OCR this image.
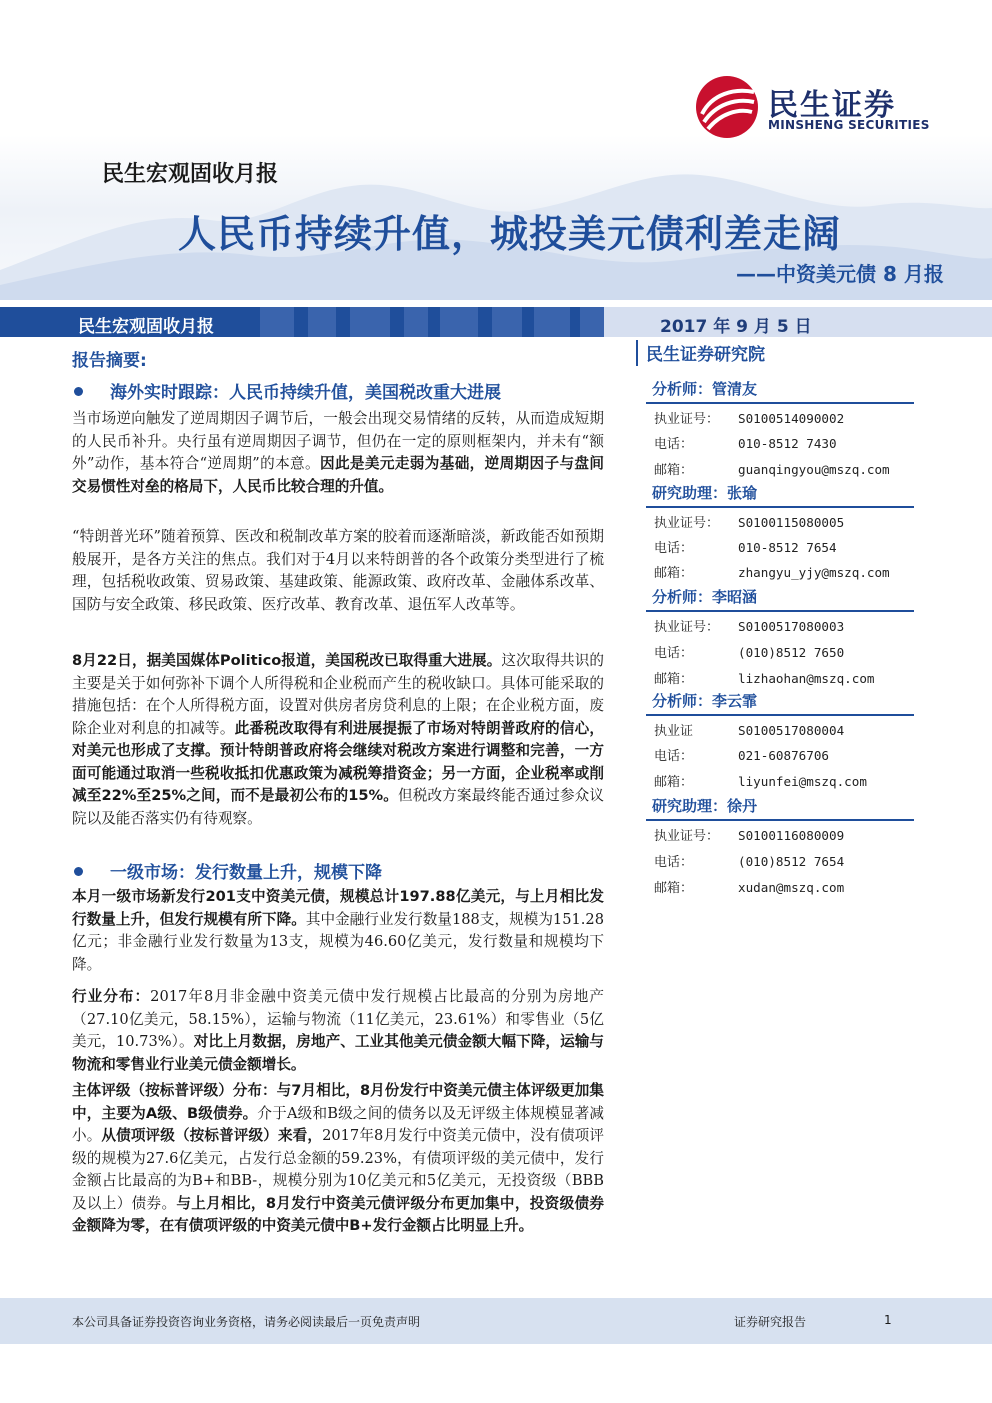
民生证券
MINSHENG SECURITIES
民生宏观固收月报
人民币持续升值，城投美元债利差走阔
——中资美元债 8 月报
民生宏观固收月报	2017 年 9 月 5 日
报告摘要:
海外实时跟踪：人民币持续升值，美国税改重大进展
当市场逆向触发了逆周期因子调节后，一般会出现交易情绪的反转，从而造成短期的人民币补升。央行虽有逆周期因子调节，但仍在一定的原则框架内，并未有“额外”动作，基本符合“逆周期”的本意。因此是美元走弱为基础，逆周期因子与盘间交易惯性对垒的格局下，人民币比较合理的升值。
“特朗普光环”随着预算、医改和税制改革方案的胶着而逐渐暗淡，新政能否如预期般展开，是各方关注的焦点。我们对于4月以来特朗普的各个政策分类型进行了梳理，包括税收政策、贸易政策、基建政策、能源政策、政府改革、金融体系改革、国防与安全政策、移民政策、医疗改革、教育改革、退伍军人改革等。
8月22日，据美国媒体Politico报道，美国税改已取得重大进展。这次取得共识的主要是关于如何弥补下调个人所得税和企业税而产生的税收缺口。具体可能采取的措施包括：在个人所得税方面，设置对供房者房贷利息的上限；在企业税方面，废除企业对利息的扣减等。此番税改取得有利进展提振了市场对特朗普政府的信心，对美元也形成了支撑。预计特朗普政府将会继续对税改方案进行调整和完善，一方面可能通过取消一些税收抵扣优惠政策为减税筹措资金；另一方面，企业税率或削减至22%至25%之间，而不是最初公布的15%。但税改方案最终能否通过参众议院以及能否落实仍有待观察。
一级市场：发行数量上升，规模下降
本月一级市场新发行201支中资美元债，规模总计197.88亿美元，与上月相比发行数量上升，但发行规模有所下降。其中金融行业发行数量188支，规模为151.28亿元；非金融行业发行数量为13支，规模为46.60亿美元，发行数量和规模均下降。
行业分布：2017年8月非金融中资美元债中发行规模占比最高的分别为房地产（27.10亿美元，58.15%），运输与物流（11亿美元，23.61%）和零售业（5亿美元，10.73%）。对比上月数据，房地产、工业其他美元债金额大幅下降，运输与物流和零售业行业美元债金额增长。
主体评级（按标普评级）分布：与7月相比，8月份发行中资美元债主体评级更加集中，主要为A级、B级债券。介于A级和B级之间的债务以及无评级主体规模显著减小。从债项评级（按标普评级）来看，2017年8月发行中资美元债中，没有债项评级的规模为27.6亿美元，占发行总金额的59.23%，有债项评级的美元债中，发行金额占比最高的为B+和BB-，规模分别为10亿美元和5亿美元，无投资级（BBB及以上）债券。与上月相比，8月发行中资美元债评级分布更加集中，投资级债券金额降为零，在有债项评级的中资美元债中B+发行金额占比明显上升。
民生证券研究院
分析师：管清友
执业证号： S0100514090002
电话：	010-8512 7430
邮箱：	guanqingyou@mszq.com
研究助理：张瑜
执业证号： S0100115080005
电话：	010-8512 7654
邮箱：	zhangyu_yjy@mszq.com
分析师：李昭涵
执业证号： S0100517080003
电话：	(010)8512 7650
邮箱：	lizhaohan@mszq.com
分析师：李云霏
执业证	S0100517080004
电话：	021-60876706
邮箱：	liyunfei@mszq.com
研究助理：徐丹
执业证号： S0100116080009
电话：	(010)8512 7654
邮箱：	xudan@mszq.com
本公司具备证券投资咨询业务资格，请务必阅读最后一页免责声明	证券研究报告	1
